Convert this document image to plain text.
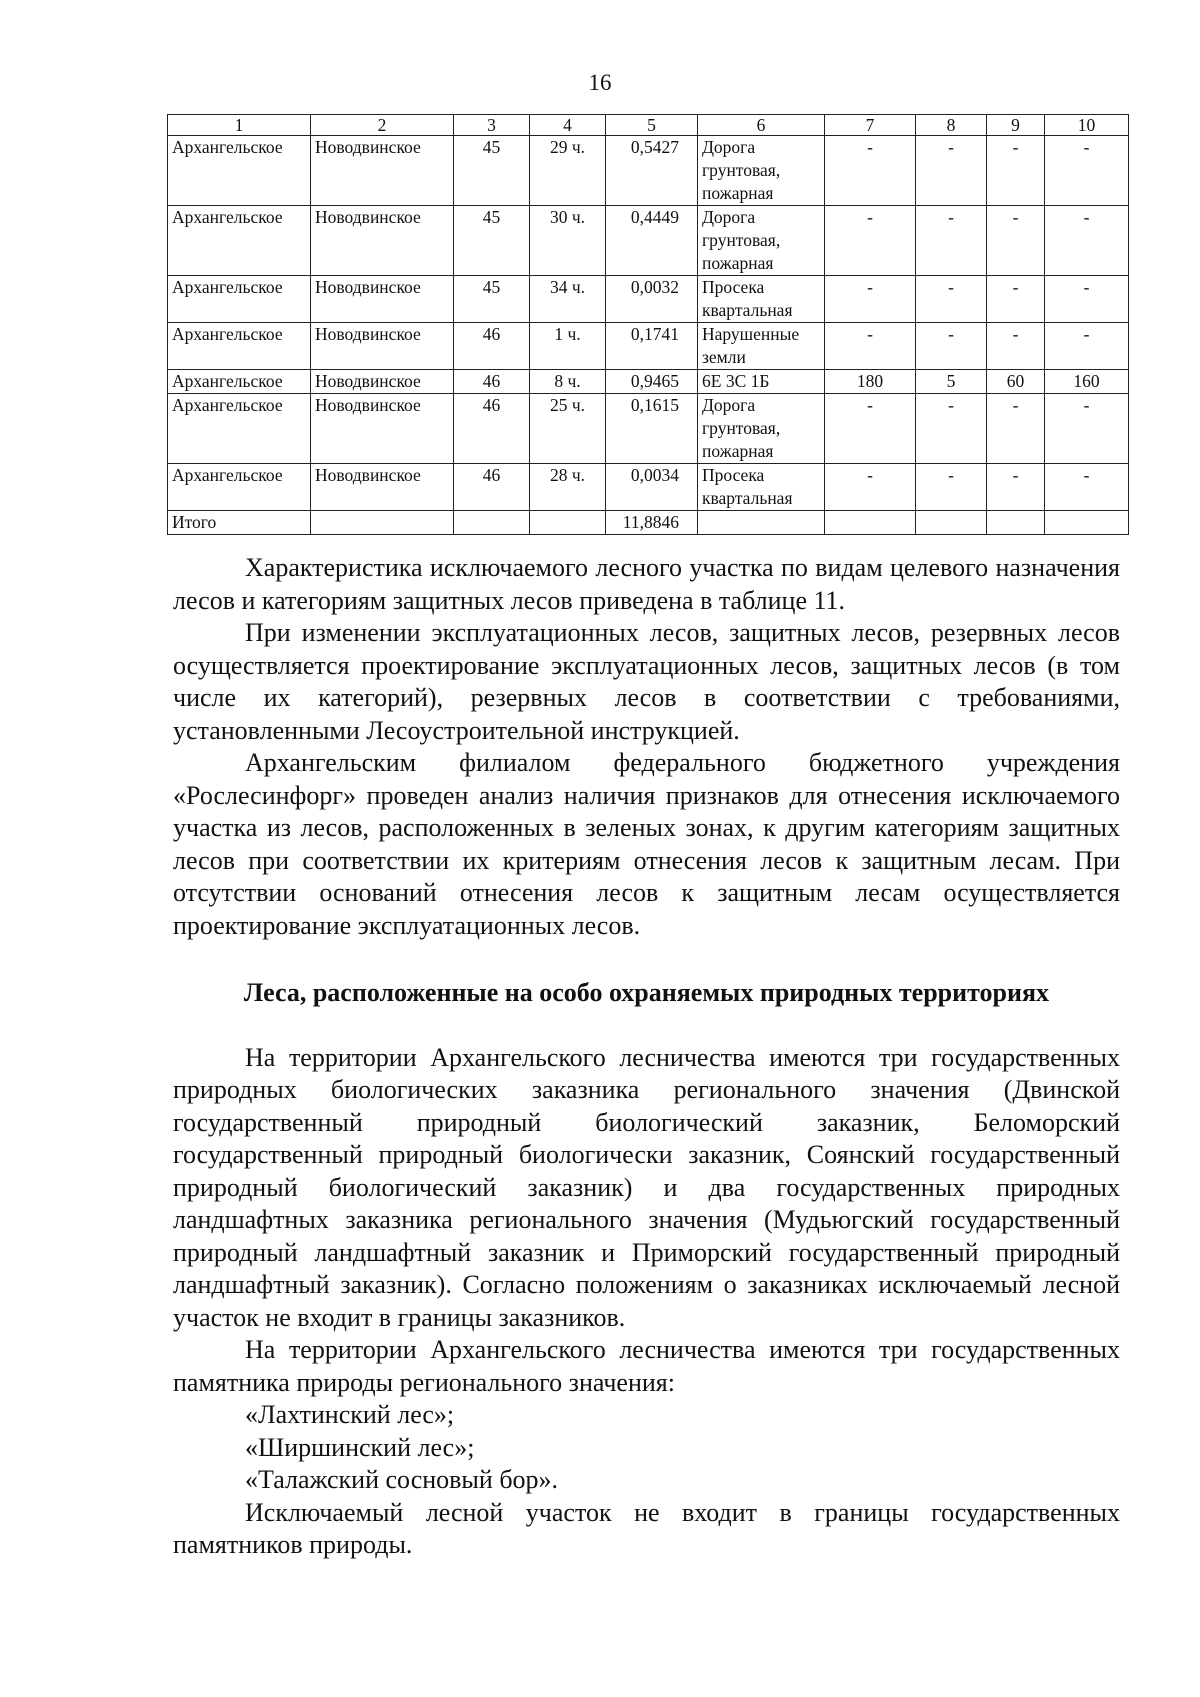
16
1	2	3	4	5	6	7	8	9	10
Архангельское	Новодвинское	45	29 ч.	0,5427	Дорога грунтовая, пожарная	-	-	-	-
Архангельское	Новодвинское	45	30 ч.	0,4449	Дорога грунтовая, пожарная	-	-	-	-
Архангельское	Новодвинское	45	34 ч.	0,0032	Просека квартальная	-	-	-	-
Архангельское	Новодвинское	46	1 ч.	0,1741	Нарушенные земли	-	-	-	-
Архангельское	Новодвинское	46	8 ч.	0,9465	6Е 3С 1Б	180	5	60	160
Архангельское	Новодвинское	46	25 ч.	0,1615	Дорога грунтовая, пожарная	-	-	-	-
Архангельское	Новодвинское	46	28 ч.	0,0034	Просека квартальная	-	-	-	-
Итого				11,8846					

Характеристика исключаемого лесного участка по видам целевого назначения лесов и категориям защитных лесов приведена в таблице 11.

При изменении эксплуатационных лесов, защитных лесов, резервных лесов осуществляется проектирование эксплуатационных лесов, защитных лесов (в том числе их категорий), резервных лесов в соответствии с требованиями, установленными Лесоустроительной инструкцией.

Архангельским филиалом федерального бюджетного учреждения «Рослесинфорг» проведен анализ наличия признаков для отнесения исключаемого участка из лесов, расположенных в зеленых зонах, к другим категориям защитных лесов при соответствии их критериям отнесения лесов к защитным лесам. При отсутствии оснований отнесения лесов к защитным лесам осуществляется проектирование эксплуатационных лесов.

Леса, расположенные на особо охраняемых природных территориях

На территории Архангельского лесничества имеются три государственных природных биологических заказника регионального значения (Двинской государственный природный биологический заказник, Беломорский государственный природный биологически заказник, Соянский государственный природный биологический заказник) и два государственных природных ландшафтных заказника регионального значения (Мудьюгский государственный природный ландшафтный заказник и Приморский государственный природный ландшафтный заказник). Согласно положениям о заказниках исключаемый лесной участок не входит в границы заказников.

На территории Архангельского лесничества имеются три государственных памятника природы регионального значения:

«Лахтинский лес»;

«Ширшинский лес»;

«Талажский сосновый бор».

Исключаемый лесной участок не входит в границы государственных памятников природы.
